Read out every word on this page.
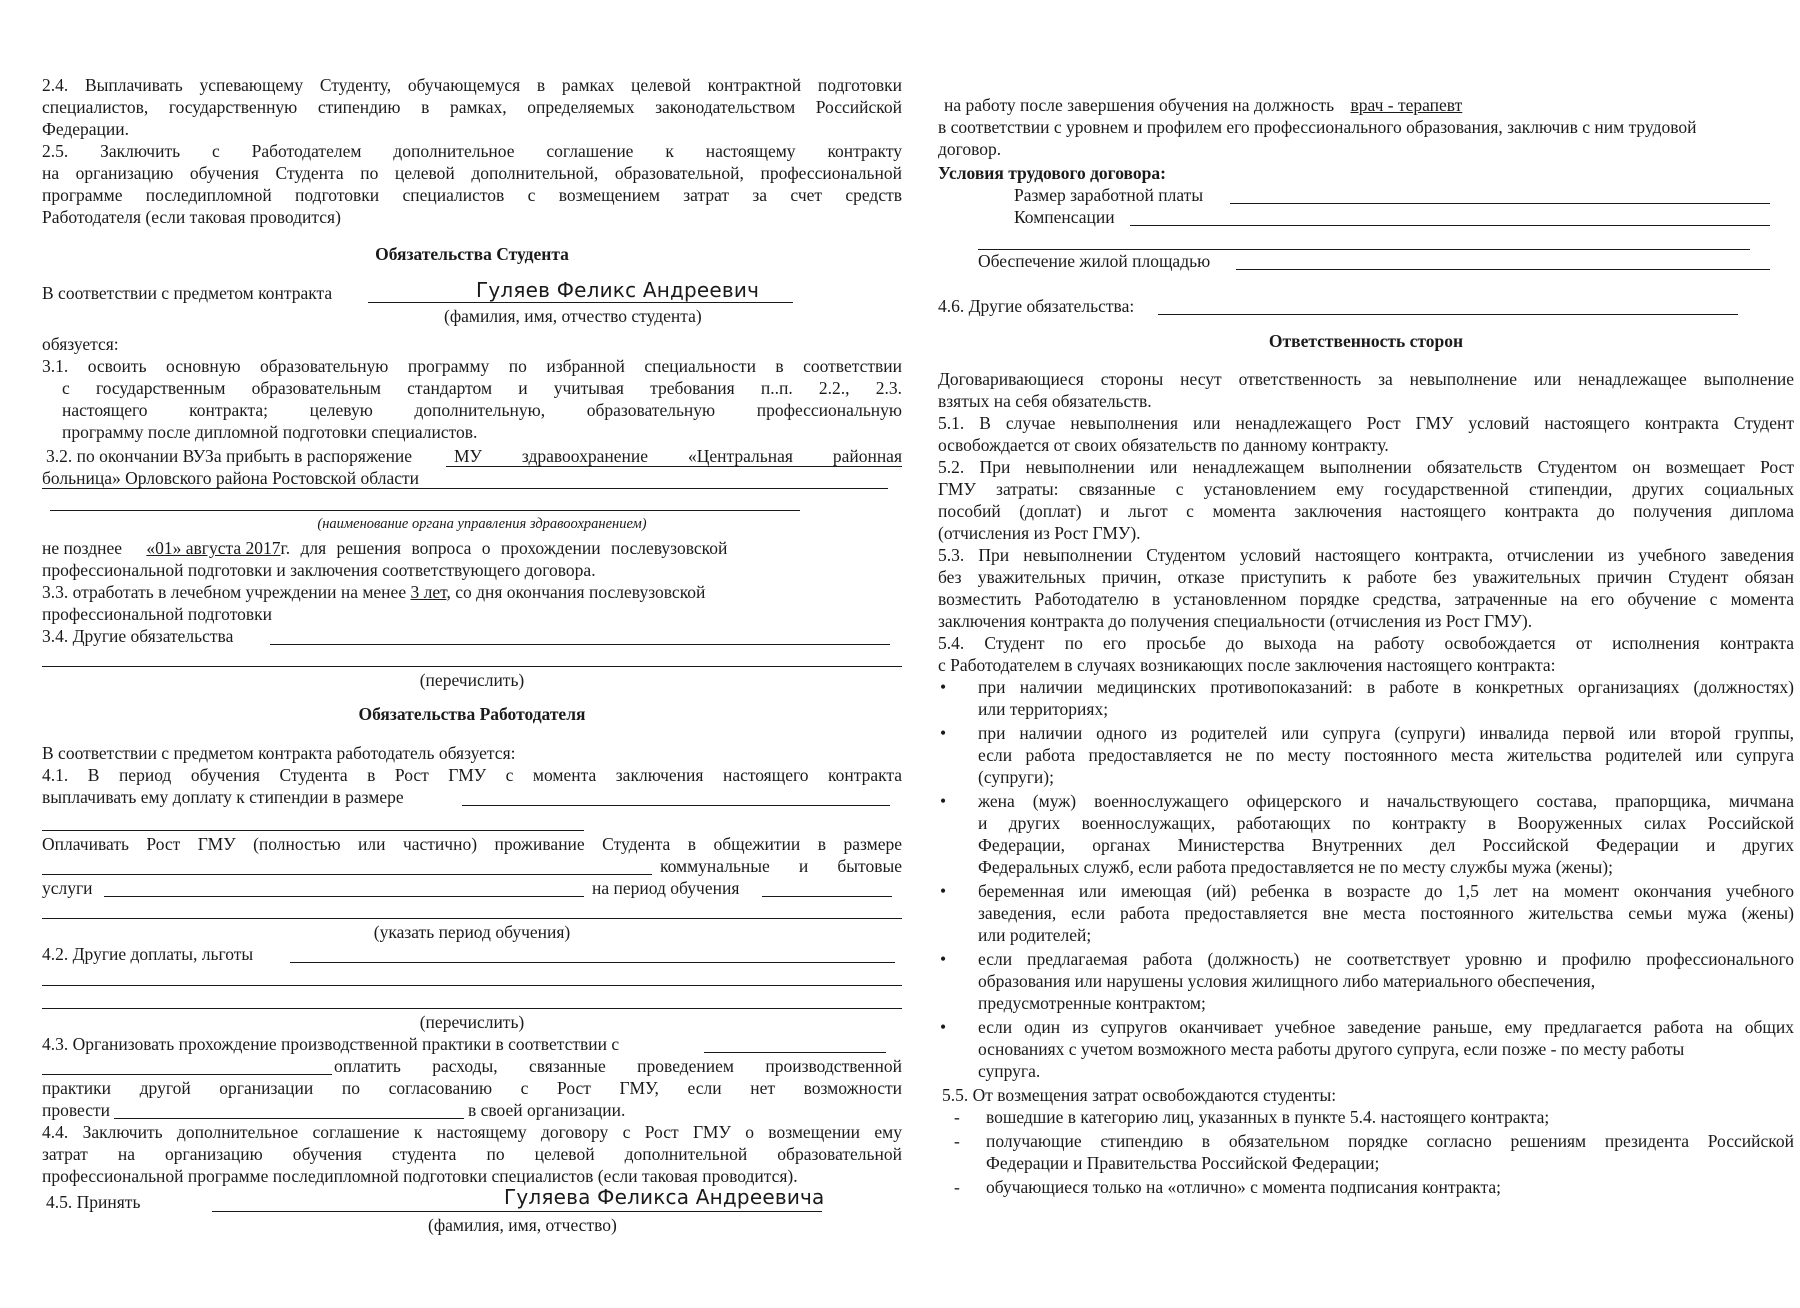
2.4. Выплачивать успевающему Студенту, обучающемуся в рамках целевой контрактной подготовки
специалистов, государственную стипендию в рамках, определяемых законодательством Российской
Федерации.
2.5. Заключить с Работодателем дополнительное соглашение к настоящему контракту
на организацию обучения Студента по целевой дополнительной, образовательной, профессиональной
программе последипломной подготовки специалистов с возмещением затрат за счет средств
Работодателя (если таковая проводится)
Обязательства Студента
В соответствии с предметом контракта	Гуляев Феликс Андреевич
(фамилия, имя, отчество студента)
обязуется:
3.1. освоить основную образовательную программу по избранной специальности в соответствии
с государственным образовательным стандартом и учитывая требования п..п. 2.2., 2.3.
настоящего контракта; целевую дополнительную, образовательную профессиональную
программу после дипломной подготовки специалистов.
3.2. по окончании ВУЗа прибыть в распоряжение	МУ здравоохранение «Центральная районная
больница» Орловского района Ростовской области
(наименование органа управления здравоохранением)
не позднее «01» августа 2017г. для решения вопроса о прохождении послевузовской
профессиональной подготовки и заключения соответствующего договора.
3.3. отработать в лечебном учреждении на менее 3 лет, со дня окончания послевузовской
профессиональной подготовки
3.4. Другие обязательства
(перечислить)
Обязательства Работодателя
В соответствии с предметом контракта работодатель обязуется:
4.1. В период обучения Студента в Рост ГМУ с момента заключения настоящего контракта
выплачивать ему доплату к стипендии в размере
Оплачивать Рост ГМУ (полностью или частично) проживание Студента в общежитии в размере
коммунальные и бытовые
услуги	на период обучения
(указать период обучения)
4.2. Другие доплаты, льготы
(перечислить)
4.3. Организовать прохождение производственной практики в соответствии с
оплатить расходы, связанные проведением производственной
практики другой организации по согласованию с Рост ГМУ, если нет возможности
провести	в своей организации.
4.4. Заключить дополнительное соглашение к настоящему договору с Рост ГМУ о возмещении ему
затрат на организацию обучения студента по целевой дополнительной образовательной
профессиональной программе последипломной подготовки специалистов (если таковая проводится).
4.5. Принять	Гуляева Феликса Андреевича
(фамилия, имя, отчество)
на работу после завершения обучения на должность врач - терапевт
в соответствии с уровнем и профилем его профессионального образования, заключив с ним трудовой
договор.
Условия трудового договора:
Размер заработной платы
Компенсации
Обеспечение жилой площадью
4.6. Другие обязательства:
Ответственность сторон
Договаривающиеся стороны несут ответственность за невыполнение или ненадлежащее выполнение
взятых на себя обязательств.
5.1. В случае невыполнения или ненадлежащего Рост ГМУ условий настоящего контракта Студент
освобождается от своих обязательств по данному контракту.
5.2. При невыполнении или ненадлежащем выполнении обязательств Студентом он возмещает Рост
ГМУ затраты: связанные с установлением ему государственной стипендии, других социальных
пособий (доплат) и льгот с момента заключения настоящего контракта до получения диплома
(отчисления из Рост ГМУ).
5.3. При невыполнении Студентом условий настоящего контракта, отчислении из учебного заведения
без уважительных причин, отказе приступить к работе без уважительных причин Студент обязан
возместить Работодателю в установленном порядке средства, затраченные на его обучение с момента
заключения контракта до получения специальности (отчисления из Рост ГМУ).
5.4. Студент по его просьбе до выхода на работу освобождается от исполнения контракта
с Работодателем в случаях возникающих после заключения настоящего контракта:
• при наличии медицинских противопоказаний: в работе в конкретных организациях (должностях)
или территориях;
• при наличии одного из родителей или супруга (супруги) инвалида первой или второй группы,
если работа предоставляется не по месту постоянного места жительства родителей или супруга
(супруги);
• жена (муж) военнослужащего офицерского и начальствующего состава, прапорщика, мичмана
и других военнослужащих, работающих по контракту в Вооруженных силах Российской
Федерации, органах Министерства Внутренних дел Российской Федерации и других
Федеральных служб, если работа предоставляется не по месту службы мужа (жены);
• беременная или имеющая (ий) ребенка в возрасте до 1,5 лет на момент окончания учебного
заведения, если работа предоставляется вне места постоянного жительства семьи мужа (жены)
или родителей;
• если предлагаемая работа (должность) не соответствует уровню и профилю профессионального
образования или нарушены условия жилищного либо материального обеспечения,
предусмотренные контрактом;
• если один из супругов оканчивает учебное заведение раньше, ему предлагается работа на общих
основаниях с учетом возможного места работы другого супруга, если позже - по месту работы
супруга.
5.5. От возмещения затрат освобождаются студенты:
- вошедшие в категорию лиц, указанных в пункте 5.4. настоящего контракта;
- получающие стипендию в обязательном порядке согласно решениям президента Российской
Федерации и Правительства Российской Федерации;
- обучающиеся только на «отлично» с момента подписания контракта;
